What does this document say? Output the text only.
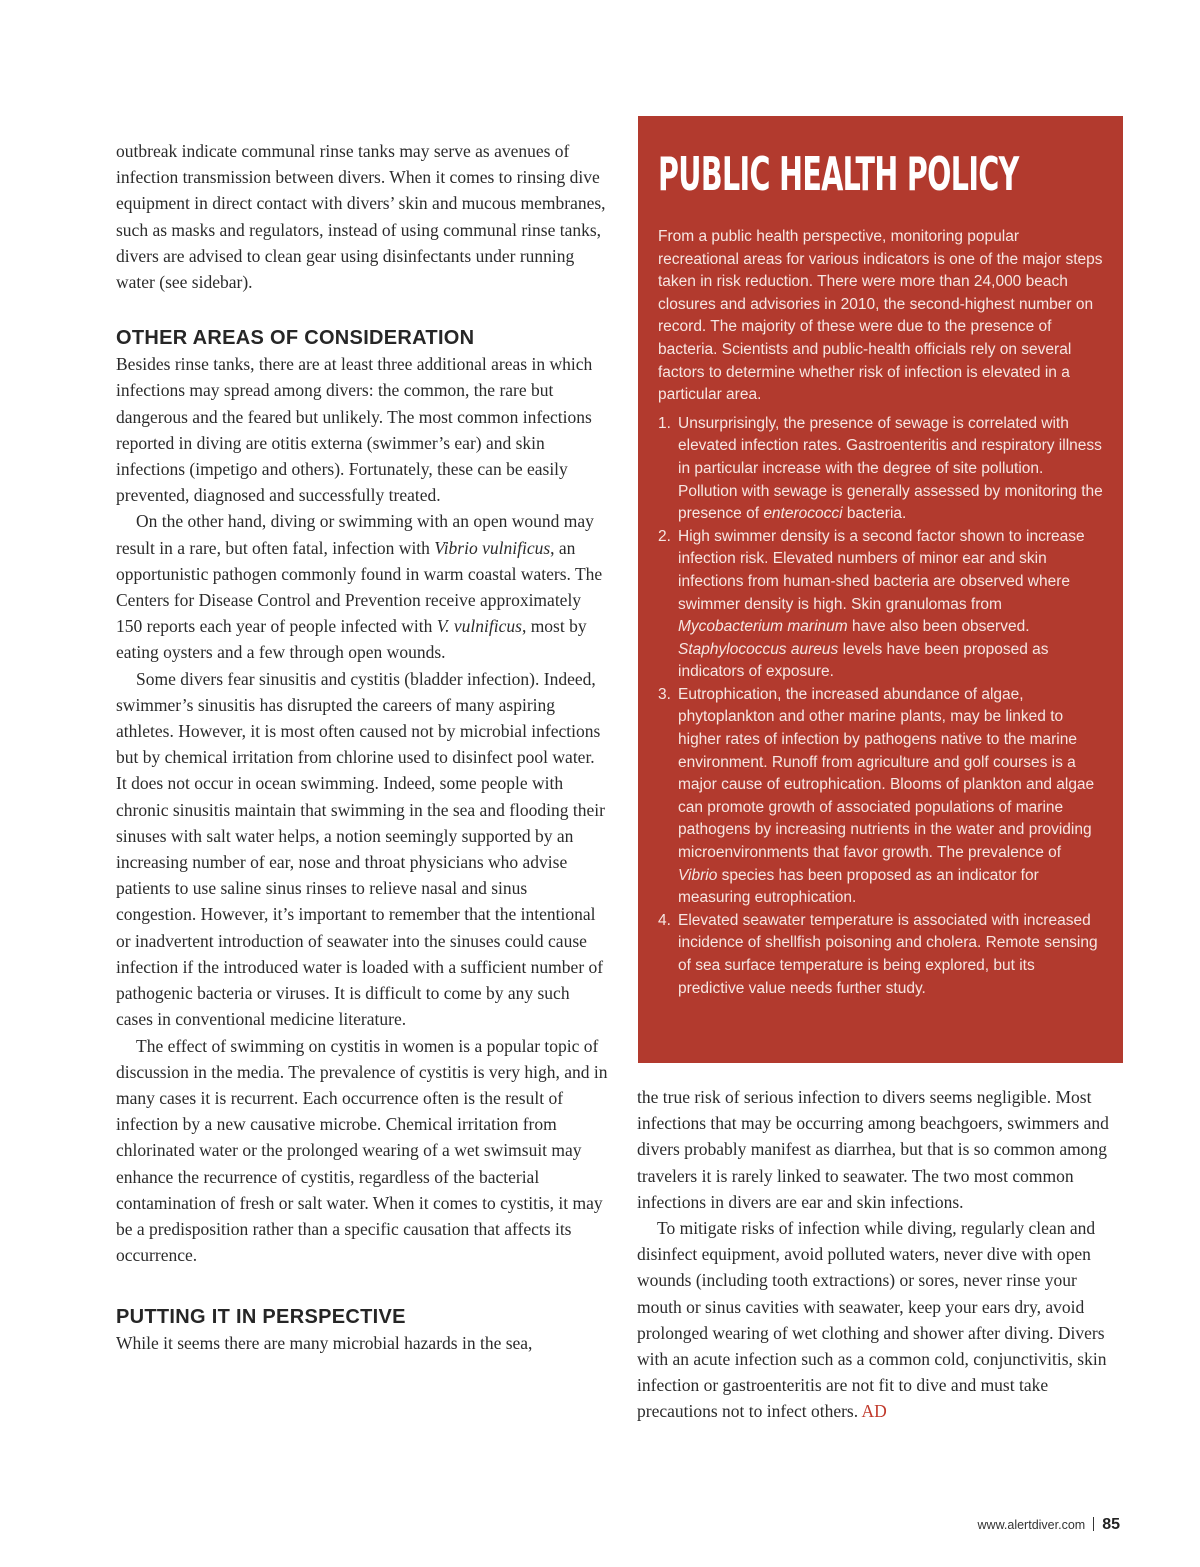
outbreak indicate communal rinse tanks may serve as avenues of infection transmission between divers. When it comes to rinsing dive equipment in direct contact with divers’ skin and mucous membranes, such as masks and regulators, instead of using communal rinse tanks, divers are advised to clean gear using disinfectants under running water (see sidebar).

OTHER AREAS OF CONSIDERATION

Besides rinse tanks, there are at least three additional areas in which infections may spread among divers: the common, the rare but dangerous and the feared but unlikely. The most common infections reported in diving are otitis externa (swimmer’s ear) and skin infections (impetigo and others). Fortunately, these can be easily prevented, diagnosed and successfully treated.

On the other hand, diving or swimming with an open wound may result in a rare, but often fatal, infection with Vibrio vulnificus, an opportunistic pathogen commonly found in warm coastal waters. The Centers for Disease Control and Prevention receive approximately 150 reports each year of people infected with V. vulnificus, most by eating oysters and a few through open wounds.

Some divers fear sinusitis and cystitis (bladder infection). Indeed, swimmer’s sinusitis has disrupted the careers of many aspiring athletes. However, it is most often caused not by microbial infections but by chemical irritation from chlorine used to disinfect pool water. It does not occur in ocean swimming. Indeed, some people with chronic sinusitis maintain that swimming in the sea and flooding their sinuses with salt water helps, a notion seemingly supported by an increasing number of ear, nose and throat physicians who advise patients to use saline sinus rinses to relieve nasal and sinus congestion. However, it’s important to remember that the intentional or inadvertent introduction of seawater into the sinuses could cause infection if the introduced water is loaded with a sufficient number of pathogenic bacteria or viruses. It is difficult to come by any such cases in conventional medicine literature.

The effect of swimming on cystitis in women is a popular topic of discussion in the media. The prevalence of cystitis is very high, and in many cases it is recurrent. Each occurrence often is the result of infection by a new causative microbe. Chemical irritation from chlorinated water or the prolonged wearing of a wet swimsuit may enhance the recurrence of cystitis, regardless of the bacterial contamination of fresh or salt water. When it comes to cystitis, it may be a predisposition rather than a specific causation that affects its occurrence.

PUTTING IT IN PERSPECTIVE

While it seems there are many microbial hazards in the sea,

PUBLIC HEALTH POLICY

From a public health perspective, monitoring popular recreational areas for various indicators is one of the major steps taken in risk reduction. There were more than 24,000 beach closures and advisories in 2010, the second-highest number on record. The majority of these were due to the presence of bacteria. Scientists and public-health officials rely on several factors to determine whether risk of infection is elevated in a particular area.

1. Unsurprisingly, the presence of sewage is correlated with elevated infection rates. Gastroenteritis and respiratory illness in particular increase with the degree of site pollution. Pollution with sewage is generally assessed by monitoring the presence of enterococci bacteria.
2. High swimmer density is a second factor shown to increase infection risk. Elevated numbers of minor ear and skin infections from human-shed bacteria are observed where swimmer density is high. Skin granulomas from Mycobacterium marinum have also been observed. Staphylococcus aureus levels have been proposed as indicators of exposure.
3. Eutrophication, the increased abundance of algae, phytoplankton and other marine plants, may be linked to higher rates of infection by pathogens native to the marine environment. Runoff from agriculture and golf courses is a major cause of eutrophication. Blooms of plankton and algae can promote growth of associated populations of marine pathogens by increasing nutrients in the water and providing microenvironments that favor growth. The prevalence of Vibrio species has been proposed as an indicator for measuring eutrophication.
4. Elevated seawater temperature is associated with increased incidence of shellfish poisoning and cholera. Remote sensing of sea surface temperature is being explored, but its predictive value needs further study.

the true risk of serious infection to divers seems negligible. Most infections that may be occurring among beachgoers, swimmers and divers probably manifest as diarrhea, but that is so common among travelers it is rarely linked to seawater. The two most common infections in divers are ear and skin infections.

To mitigate risks of infection while diving, regularly clean and disinfect equipment, avoid polluted waters, never dive with open wounds (including tooth extractions) or sores, never rinse your mouth or sinus cavities with seawater, keep your ears dry, avoid prolonged wearing of wet clothing and shower after diving. Divers with an acute infection such as a common cold, conjunctivitis, skin infection or gastroenteritis are not fit to dive and must take precautions not to infect others. AD

www.alertdiver.com 85
